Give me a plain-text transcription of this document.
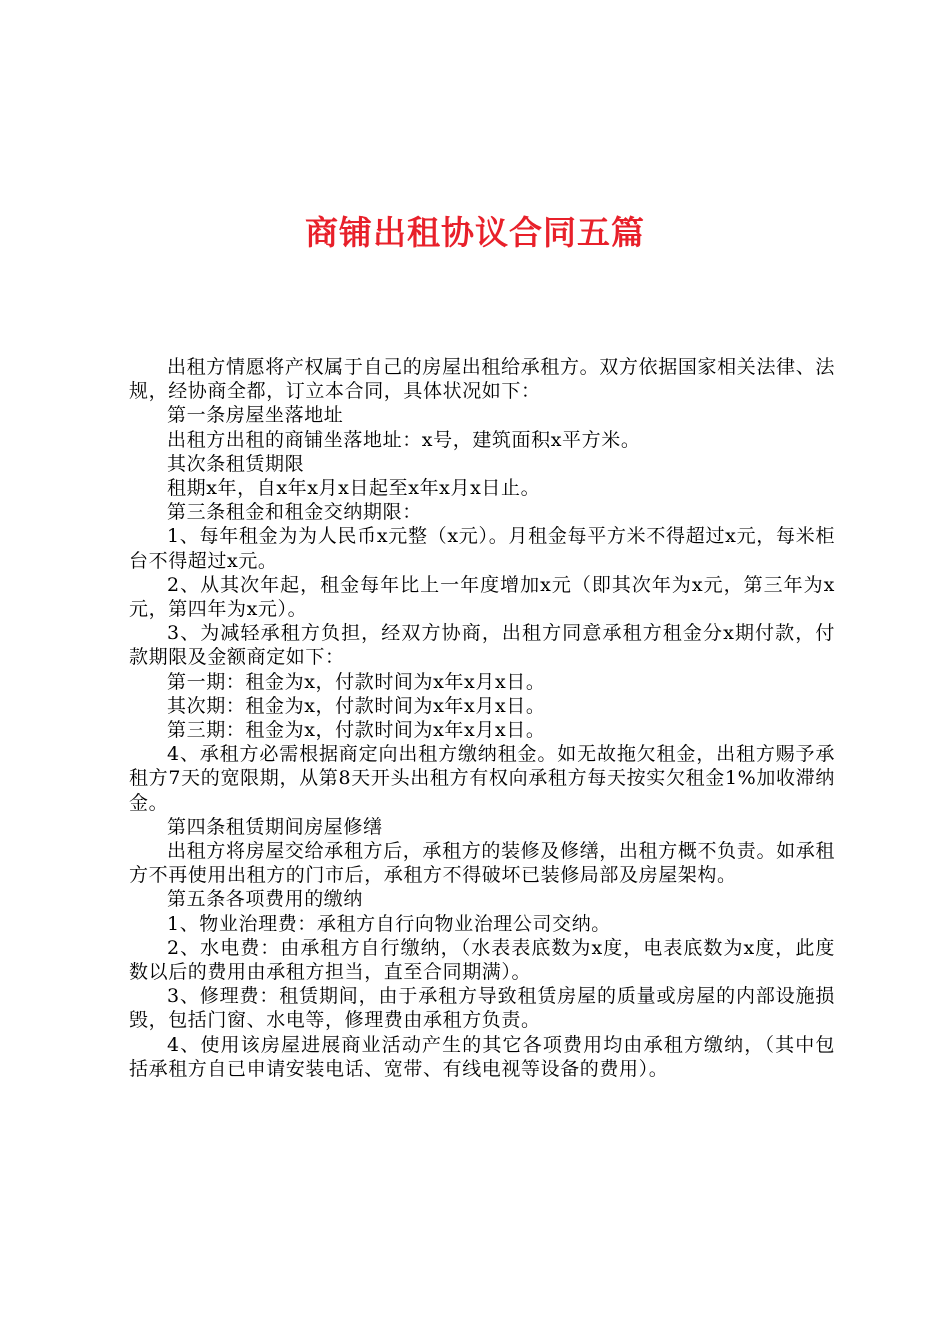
商铺出租协议合同五篇

出租方情愿将产权属于自己的房屋出租给承租方。双方依据国家相关法律、法规，经协商全都，订立本合同，具体状况如下：

第一条房屋坐落地址

出租方出租的商铺坐落地址：x号，建筑面积x平方米。

其次条租赁期限

租期x年，自x年x月x日起至x年x月x日止。

第三条租金和租金交纳期限：

1、每年租金为为人民币x元整（x元）。月租金每平方米不得超过x元，每米柜台不得超过x元。

2、从其次年起，租金每年比上一年度增加x元（即其次年为x元，第三年为x元，第四年为x元）。

3、为减轻承租方负担，经双方协商，出租方同意承租方租金分x期付款，付款期限及金额商定如下：

第一期：租金为x，付款时间为x年x月x日。

其次期：租金为x，付款时间为x年x月x日。

第三期：租金为x，付款时间为x年x月x日。

4、承租方必需根据商定向出租方缴纳租金。如无故拖欠租金，出租方赐予承租方7天的宽限期，从第8天开头出租方有权向承租方每天按实欠租金1%加收滞纳金。

第四条租赁期间房屋修缮

出租方将房屋交给承租方后，承租方的装修及修缮，出租方概不负责。如承租方不再使用出租方的门市后，承租方不得破坏已装修局部及房屋架构。

第五条各项费用的缴纳

1、物业治理费：承租方自行向物业治理公司交纳。

2、水电费：由承租方自行缴纳，（水表表底数为x度，电表底数为x度，此度数以后的费用由承租方担当，直至合同期满）。

3、修理费：租赁期间，由于承租方导致租赁房屋的质量或房屋的内部设施损毁，包括门窗、水电等，修理费由承租方负责。

4、使用该房屋进展商业活动产生的其它各项费用均由承租方缴纳，（其中包括承租方自已申请安装电话、宽带、有线电视等设备的费用）。
